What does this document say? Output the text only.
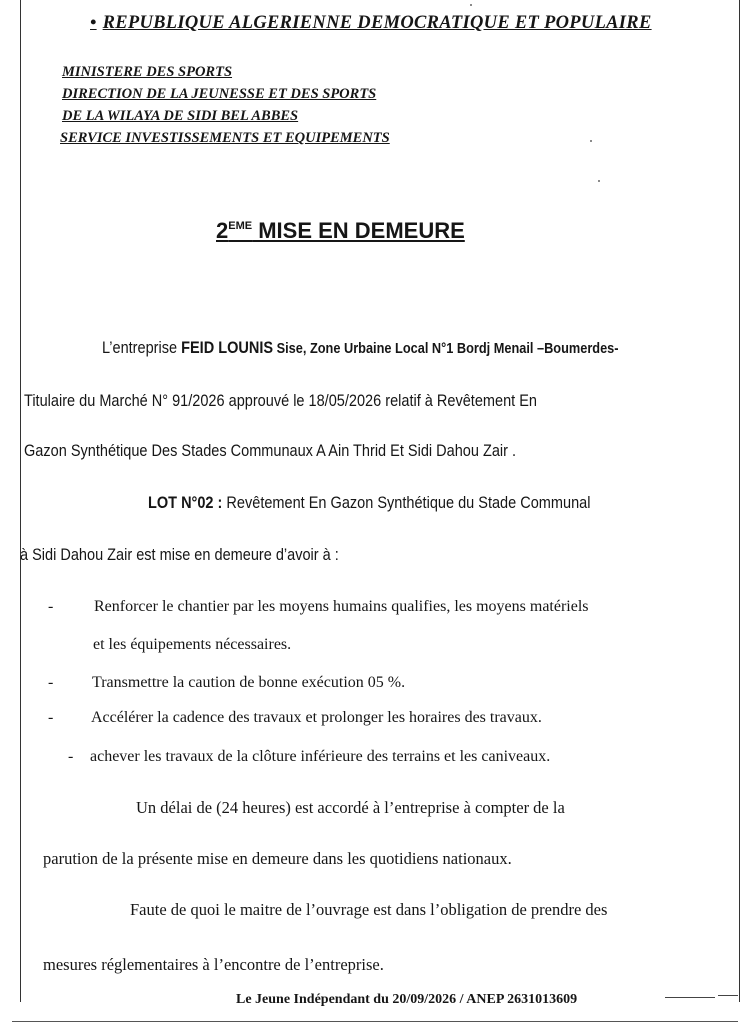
• REPUBLIQUE ALGERIENNE DEMOCRATIQUE ET POPULAIRE
MINISTERE DES SPORTS
DIRECTION DE LA JEUNESSE ET DES SPORTS
DE LA WILAYA DE SIDI BEL ABBES
SERVICE INVESTISSEMENTS ET EQUIPEMENTS
2EME MISE EN DEMEURE
L’entreprise FEID LOUNIS Sise, Zone Urbaine Local N°1 Bordj Menail –Boumerdes-
Titulaire du Marché N° 91/2026 approuvé le 18/05/2026 relatif à Revêtement En
Gazon Synthétique Des Stades Communaux A Ain Thrid Et Sidi Dahou Zair .
LOT N°02 : Revêtement En Gazon Synthétique du Stade Communal
à Sidi Dahou Zair est mise en demeure d’avoir à :
-	Renforcer le chantier par les moyens humains qualifies, les moyens matériels
et les équipements nécessaires.
- Transmettre la caution de bonne exécution 05 %.
- Accélérer la cadence des travaux et prolonger les horaires des travaux.
- achever les travaux de la clôture inférieure des terrains et les caniveaux.
Un délai de (24 heures) est accordé à l’entreprise à compter de la
parution de la présente mise en demeure dans les quotidiens nationaux.
Faute de quoi le maitre de l’ouvrage est dans l’obligation de prendre des
mesures réglementaires à l’encontre de l’entreprise.
Le Jeune Indépendant du 20/09/2026 / ANEP 2631013609
